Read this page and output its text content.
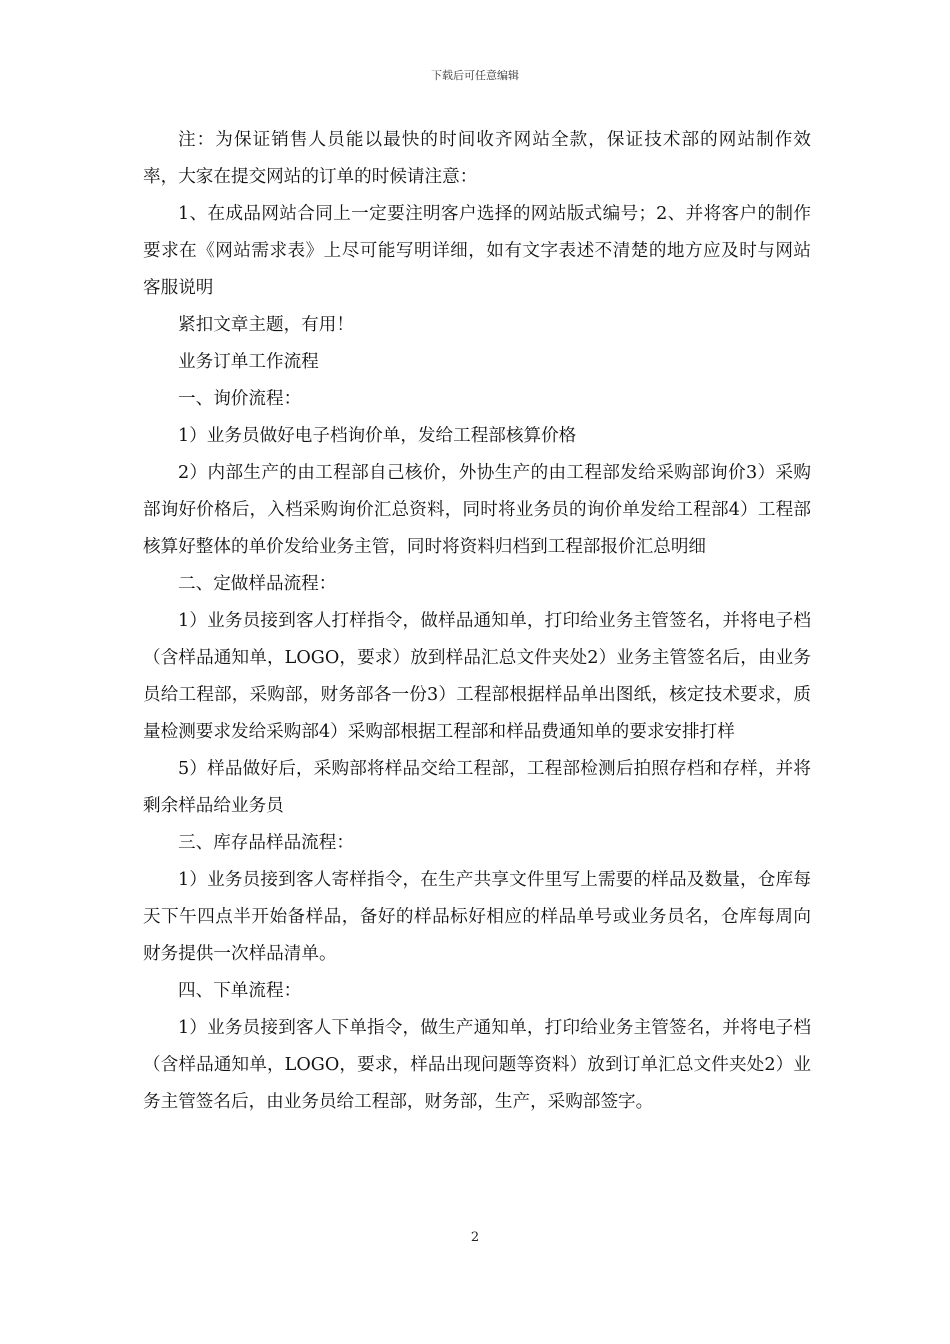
下载后可任意编辑

注：为保证销售人员能以最快的时间收齐网站全款，保证技术部的网站制作效率，大家在提交网站的订单的时候请注意：

1、在成品网站合同上一定要注明客户选择的网站版式编号；2、并将客户的制作要求在《网站需求表》上尽可能写明详细，如有文字表述不清楚的地方应及时与网站客服说明

紧扣文章主题，有用！

业务订单工作流程

一、询价流程：

1）业务员做好电子档询价单，发给工程部核算价格

2）内部生产的由工程部自己核价，外协生产的由工程部发给采购部询价3）采购部询好价格后，入档采购询价汇总资料，同时将业务员的询价单发给工程部4）工程部核算好整体的单价发给业务主管，同时将资料归档到工程部报价汇总明细

二、定做样品流程：

1）业务员接到客人打样指令，做样品通知单，打印给业务主管签名，并将电子档（含样品通知单，LOGO，要求）放到样品汇总文件夹处2）业务主管签名后，由业务员给工程部，采购部，财务部各一份3）工程部根据样品单出图纸，核定技术要求，质量检测要求发给采购部4）采购部根据工程部和样品费通知单的要求安排打样

5）样品做好后，采购部将样品交给工程部，工程部检测后拍照存档和存样，并将剩余样品给业务员

三、库存品样品流程：

1）业务员接到客人寄样指令，在生产共享文件里写上需要的样品及数量，仓库每天下午四点半开始备样品，备好的样品标好相应的样品单号或业务员名，仓库每周向财务提供一次样品清单。

四、下单流程：

1）业务员接到客人下单指令，做生产通知单，打印给业务主管签名，并将电子档（含样品通知单，LOGO，要求，样品出现问题等资料）放到订单汇总文件夹处2）业务主管签名后，由业务员给工程部，财务部，生产，采购部签字。

2
